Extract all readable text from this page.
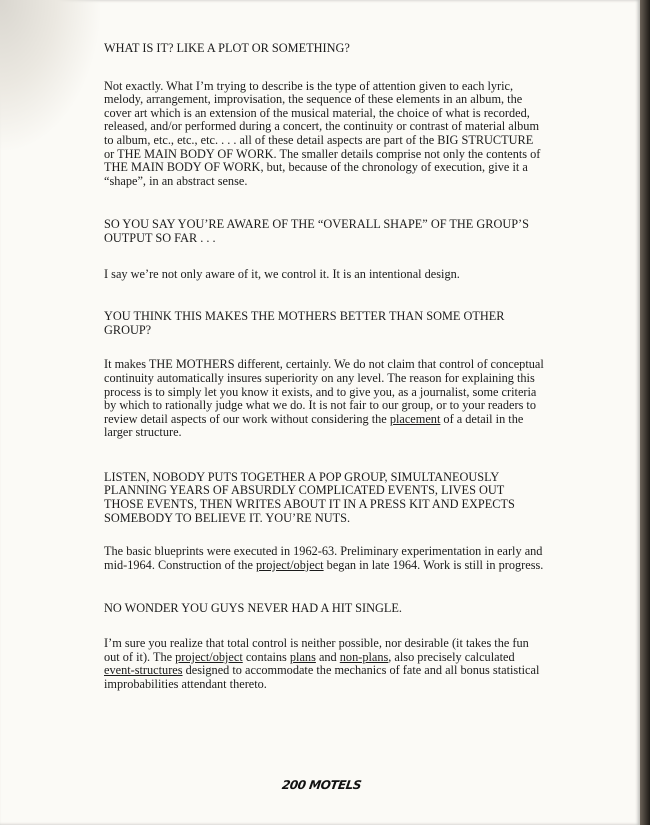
WHAT IS IT? LIKE A PLOT OR SOMETHING?

Not exactly. What I’m trying to describe is the type of attention given to each lyric, melody, arrangement, improvisation, the sequence of these elements in an album, the cover art which is an extension of the musical material, the choice of what is recorded, released, and/or performed during a concert, the continuity or contrast of material album to album, etc., etc., etc. . . . all of these detail aspects are part of the BIG STRUCTURE or THE MAIN BODY OF WORK. The smaller details comprise not only the contents of THE MAIN BODY OF WORK, but, because of the chronology of execution, give it a “shape”, in an abstract sense.

SO YOU SAY YOU’RE AWARE OF THE “OVERALL SHAPE” OF THE GROUP’S OUTPUT SO FAR . . .

I say we’re not only aware of it, we control it. It is an intentional design.

YOU THINK THIS MAKES THE MOTHERS BETTER THAN SOME OTHER GROUP?

It makes THE MOTHERS different, certainly. We do not claim that control of conceptual continuity automatically insures superiority on any level. The reason for explaining this process is to simply let you know it exists, and to give you, as a journalist, some criteria by which to rationally judge what we do. It is not fair to our group, or to your readers to review detail aspects of our work without considering the placement of a detail in the larger structure.

LISTEN, NOBODY PUTS TOGETHER A POP GROUP, SIMULTANEOUSLY PLANNING YEARS OF ABSURDLY COMPLICATED EVENTS, LIVES OUT THOSE EVENTS, THEN WRITES ABOUT IT IN A PRESS KIT AND EXPECTS SOMEBODY TO BELIEVE IT. YOU’RE NUTS.

The basic blueprints were executed in 1962-63. Preliminary experimentation in early and mid-1964. Construction of the project/object began in late 1964. Work is still in progress.

NO WONDER YOU GUYS NEVER HAD A HIT SINGLE.

I’m sure you realize that total control is neither possible, nor desirable (it takes the fun out of it). The project/object contains plans and non-plans, also precisely calculated event-structures designed to accommodate the mechanics of fate and all bonus statistical improbabilities attendant thereto.

200 MOTELS
